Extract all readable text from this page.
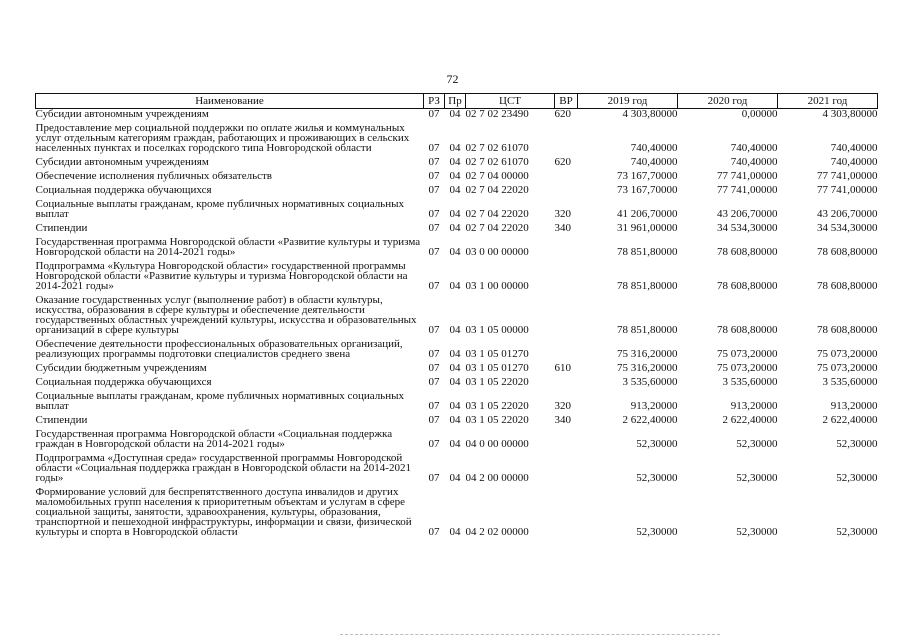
72
Наименование	РЗ	Пр	ЦСТ	ВР	2019 год	2020 год	2021 год
Субсидии автономным учреждениям	07	04	02 7 02 23490	620	4 303,80000	0,00000	4 303,80000

Предоставление мер социальной поддержки по оплате жилья и коммунальных услуг отдельным категориям граждан, работающих и проживающих в сельских населенных пунктах и поселках городского типа Новгородской области	07	04	02 7 02 61070		740,40000	740,40000	740,40000

Субсидии автономным учреждениям	07	04	02 7 02 61070	620	740,40000	740,40000	740,40000

Обеспечение исполнения публичных обязательств	07	04	02 7 04 00000		73 167,70000	77 741,00000	77 741,00000

Социальная поддержка обучающихся	07	04	02 7 04 22020		73 167,70000	77 741,00000	77 741,00000

Социальные выплаты гражданам, кроме публичных нормативных социальных выплат	07	04	02 7 04 22020	320	41 206,70000	43 206,70000	43 206,70000

Стипендии	07	04	02 7 04 22020	340	31 961,00000	34 534,30000	34 534,30000

Государственная программа Новгородской области «Развитие культуры и туризма Новгородской области на 2014-2021 годы»	07	04	03 0 00 00000		78 851,80000	78 608,80000	78 608,80000

Подпрограмма «Культура Новгородской области» государственной программы Новгородской области «Развитие культуры и туризма Новгородской области на 2014-2021 годы»	07	04	03 1 00 00000		78 851,80000	78 608,80000	78 608,80000

Оказание государственных услуг (выполнение работ) в области культуры, искусства, образования в сфере культуры и обеспечение деятельности государственных областных учреждений культуры, искусства и образовательных организаций в сфере культуры	07	04	03 1 05 00000		78 851,80000	78 608,80000	78 608,80000

Обеспечение деятельности профессиональных образовательных организаций, реализующих программы подготовки специалистов среднего звена	07	04	03 1 05 01270		75 316,20000	75 073,20000	75 073,20000

Субсидии бюджетным учреждениям	07	04	03 1 05 01270	610	75 316,20000	75 073,20000	75 073,20000

Социальная поддержка обучающихся	07	04	03 1 05 22020		3 535,60000	3 535,60000	3 535,60000

Социальные выплаты гражданам, кроме публичных нормативных социальных выплат	07	04	03 1 05 22020	320	913,20000	913,20000	913,20000

Стипендии	07	04	03 1 05 22020	340	2 622,40000	2 622,40000	2 622,40000

Государственная программа Новгородской области «Социальная поддержка граждан в Новгородской области на 2014-2021 годы»	07	04	04 0 00 00000		52,30000	52,30000	52,30000

Подпрограмма «Доступная среда» государственной программы Новгородской области «Социальная поддержка граждан в Новгородской области на 2014-2021 годы»	07	04	04 2 00 00000		52,30000	52,30000	52,30000

Формирование условий для беспрепятственного доступа инвалидов и других маломобильных групп населения к приоритетным объектам и услугам в сфере социальной защиты, занятости, здравоохранения, культуры, образования, транспортной и пешеходной инфраструктуры, информации и связи, физической культуры и спорта в Новгородской области	07	04	04 2 02 00000		52,30000	52,30000	52,30000
